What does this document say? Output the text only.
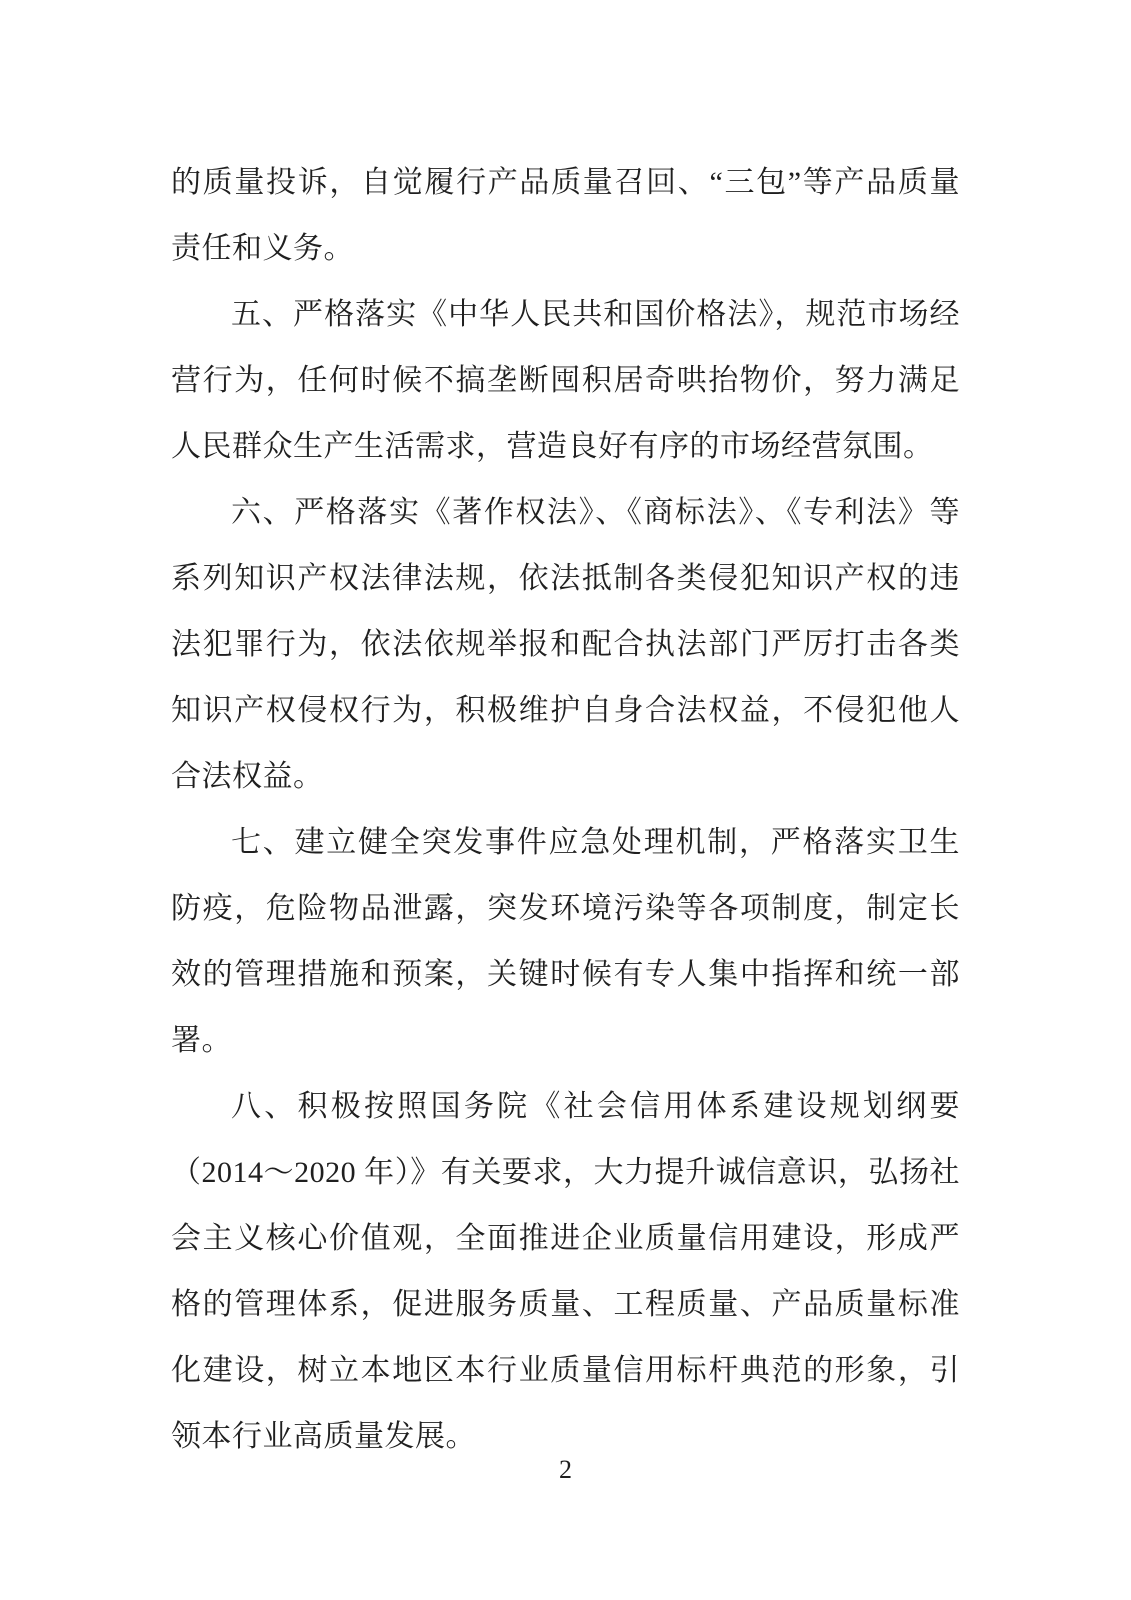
的质量投诉，自觉履行产品质量召回、“三包”等产品质量责任和义务。

五、严格落实《中华人民共和国价格法》，规范市场经营行为，任何时候不搞垄断囤积居奇哄抬物价，努力满足人民群众生产生活需求，营造良好有序的市场经营氛围。

六、严格落实《著作权法》、《商标法》、《专利法》等系列知识产权法律法规，依法抵制各类侵犯知识产权的违法犯罪行为，依法依规举报和配合执法部门严厉打击各类知识产权侵权行为，积极维护自身合法权益，不侵犯他人合法权益。

七、建立健全突发事件应急处理机制，严格落实卫生防疫，危险物品泄露，突发环境污染等各项制度，制定长效的管理措施和预案，关键时候有专人集中指挥和统一部署。

八、积极按照国务院《社会信用体系建设规划纲要（2014～2020 年）》有关要求，大力提升诚信意识，弘扬社会主义核心价值观，全面推进企业质量信用建设，形成严格的管理体系，促进服务质量、工程质量、产品质量标准化建设，树立本地区本行业质量信用标杆典范的形象，引领本行业高质量发展。

2
